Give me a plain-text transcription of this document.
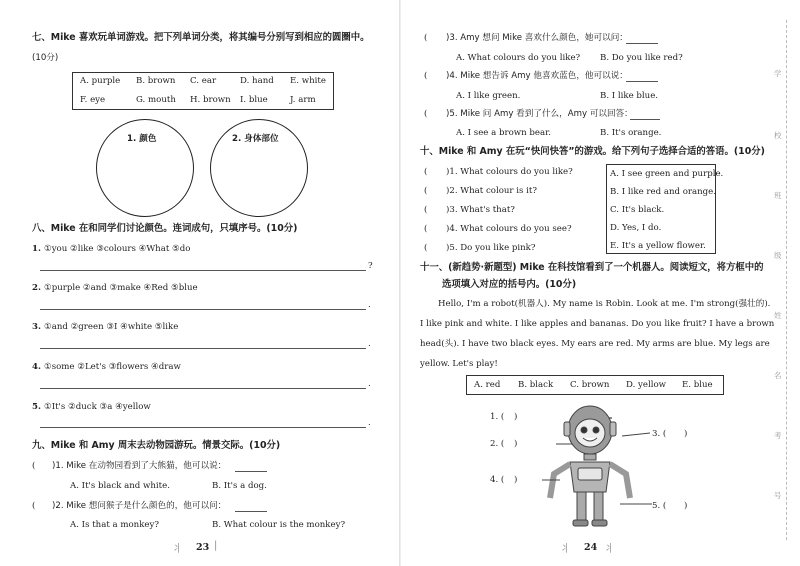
七、Mike 喜欢玩单词游戏。把下列单词分类，将其编号分别写到相应的圆圈中。
(10分)
A. purple B. brown C. ear	D. hand E. white
F. eye	G. mouth H. brown I. blue	J. arm
1. 颜色	2. 身体部位
八、Mike 在和同学们讨论颜色。连词成句，只填序号。(10分)
1. ①you ②like ③colours ④What ⑤do
?
2. ①purple ②and ③make ④Red ⑤blue
.
3. ①and ②green ③I ④white ⑤like
.
4. ①some ②Let's ③flowers ④draw
.
5. ①It's ②duck ③a ④yellow
.
九、Mike 和 Amy 周末去动物园游玩。情景交际。(10分)
( )1. Mike 在动物园看到了大熊猫，他可以说：
A. It's black and white.	B. It's a dog.
( )2. Mike 想问猴子是什么颜色的，他可以问：
A. Is that a monkey?	B. What colour is the monkey?
⺦ 23 |
( )3. Amy 想问 Mike 喜欢什么颜色，她可以问：
A. What colours do you like? B. Do you like red?
( )4. Mike 想告诉 Amy 他喜欢蓝色，他可以说：
A. I like green.	B. I like blue.
( )5. Mike 问 Amy 看到了什么，Amy 可以回答：
A. I see a brown bear.	B. It's orange.
十、Mike 和 Amy 在玩“快问快答”的游戏。给下列句子选择合适的答语。(10分)
( )1. What colours do you like?
( )2. What colour is it?
( )3. What's that?
( )4. What colours do you see?
( )5. Do you like pink?
A. I see green and purple.
B. I like red and orange.
C. It's black.
D. Yes, I do.
E. It's a yellow flower.
十一、(新趋势·新题型) Mike 在科技馆看到了一个机器人。阅读短文，将方框中的
选项填入对应的括号内。(10分)
Hello, I'm a robot(机器人). My name is Robin. Look at me. I'm strong(强壮的).
I like pink and white. I like apples and bananas. Do you like fruit? I have a brown
head(头). I have two black eyes. My ears are red. My arms are blue. My legs are
yellow. Let's play!
A. red B. black C. brown D. yellow E. blue
1. ( )
2. ( )
3. ( )
4. ( )
5. ( )
⺦ 24 ⺦
学
校
班
级
姓
名
考
号
